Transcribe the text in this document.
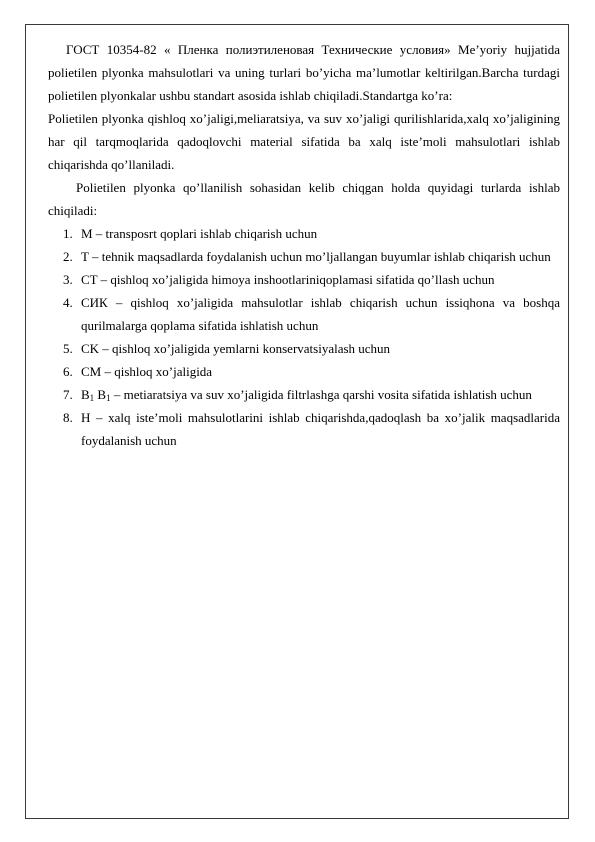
ГОСТ 10354-82 « Пленка полиэтиленовая Технические условия» Me’yoriy hujjatida polietilen plyonka mahsulotlari va uning turlari bo’yicha ma’lumotlar keltirilgan.Barcha turdagi polietilen plyonkalar ushbu standart asosida ishlab chiqiladi.Standartga ko’ra:

Polietilen plyonka qishloq xo’jaligi,meliaratsiya, va suv xo’jaligi qurilishlarida,xalq xo’jaligining har qil tarqmoqlarida qadoqlovchi material sifatida ba xalq iste’moli mahsulotlari ishlab chiqarishda qo’llaniladi.

Polietilen plyonka qo’llanilish sohasidan kelib chiqgan holda quyidagi turlarda ishlab chiqiladi:

1. M – transposrt qoplari ishlab chiqarish uchun
2. T – tehnik maqsadlarda foydalanish uchun mo’ljallangan buyumlar ishlab chiqarish uchun
3. CT – qishloq xo’jaligida himoya inshootlariniqoplamasi sifatida qo’llash uchun
4. СИК – qishloq xo’jaligida mahsulotlar ishlab chiqarish uchun issiqhona va boshqa qurilmalarga qoplama sifatida ishlatish uchun
5. CK – qishloq xo’jaligida yemlarni konservatsiyalash uchun
6. CM – qishloq xo’jaligida
7. $B_1$ $B_1$ – metiaratsiya va suv xo’jaligida filtrlashga qarshi vosita sifatida ishlatish uchun
8. H – xalq iste’moli mahsulotlarini ishlab chiqarishda,qadoqlash ba xo’jalik maqsadlarida foydalanish uchun
